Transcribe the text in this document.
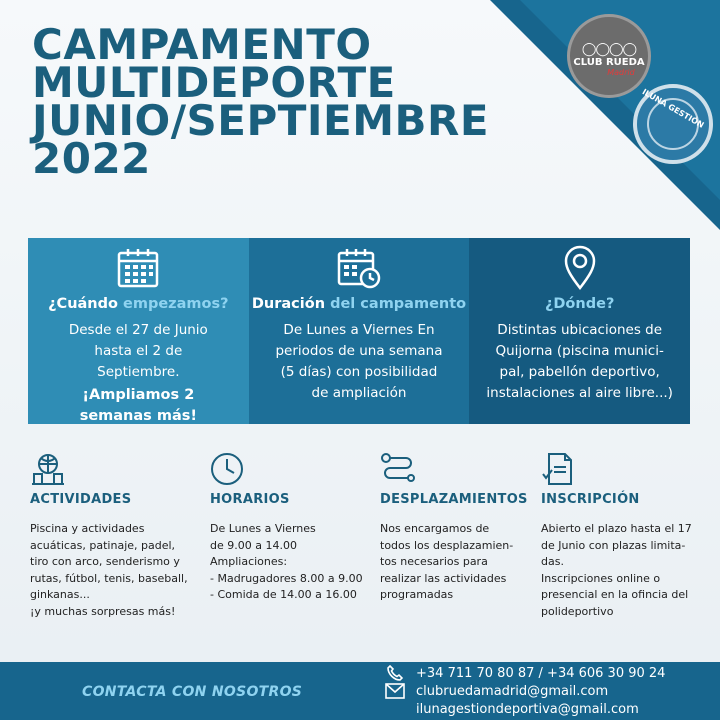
◯◯◯◯
CLUB RUEDA
Madrid
ILUNA GESTIÓN
CAMPAMENTO
MULTIDEPORTE
JUNIO/SEPTIEMBRE
2022
¿Cuándo empezamos?
Desde el 27 de Junio hasta el 2 de Septiembre.
¡Ampliamos 2 semanas más!
Duración del campamento
De Lunes a Viernes En periodos de una semana (5 días) con posibilidad de ampliación
¿Dónde?
Distintas ubicaciones de Quijorna (piscina munici-pal, pabellón deportivo, instalaciones al aire libre...)
ACTIVIDADES
Piscina y actividades
acuáticas, patinaje, padel,
tiro con arco, senderismo y
rutas, fútbol, tenis, baseball,
ginkanas...
¡y muchas sorpresas más!
HORARIOS
De Lunes a Viernes
de 9.00 a 14.00
Ampliaciones:
- Madrugadores 8.00 a 9.00
- Comida de 14.00 a 16.00
DESPLAZAMIENTOS
Nos encargamos de
todos los desplazamien-
tos necesarios para
realizar las actividades
programadas
INSCRIPCIÓN
Abierto el plazo hasta el 17
de Junio con plazas limita-
das.
Inscripciones online o
presencial en la ofincia del
polideportivo
CONTACTA CON NOSOTROS
+34 711 70 80 87 / +34 606 30 90 24
clubruedamadrid@gmail.com
ilunagestiondeportiva@gmail.com
